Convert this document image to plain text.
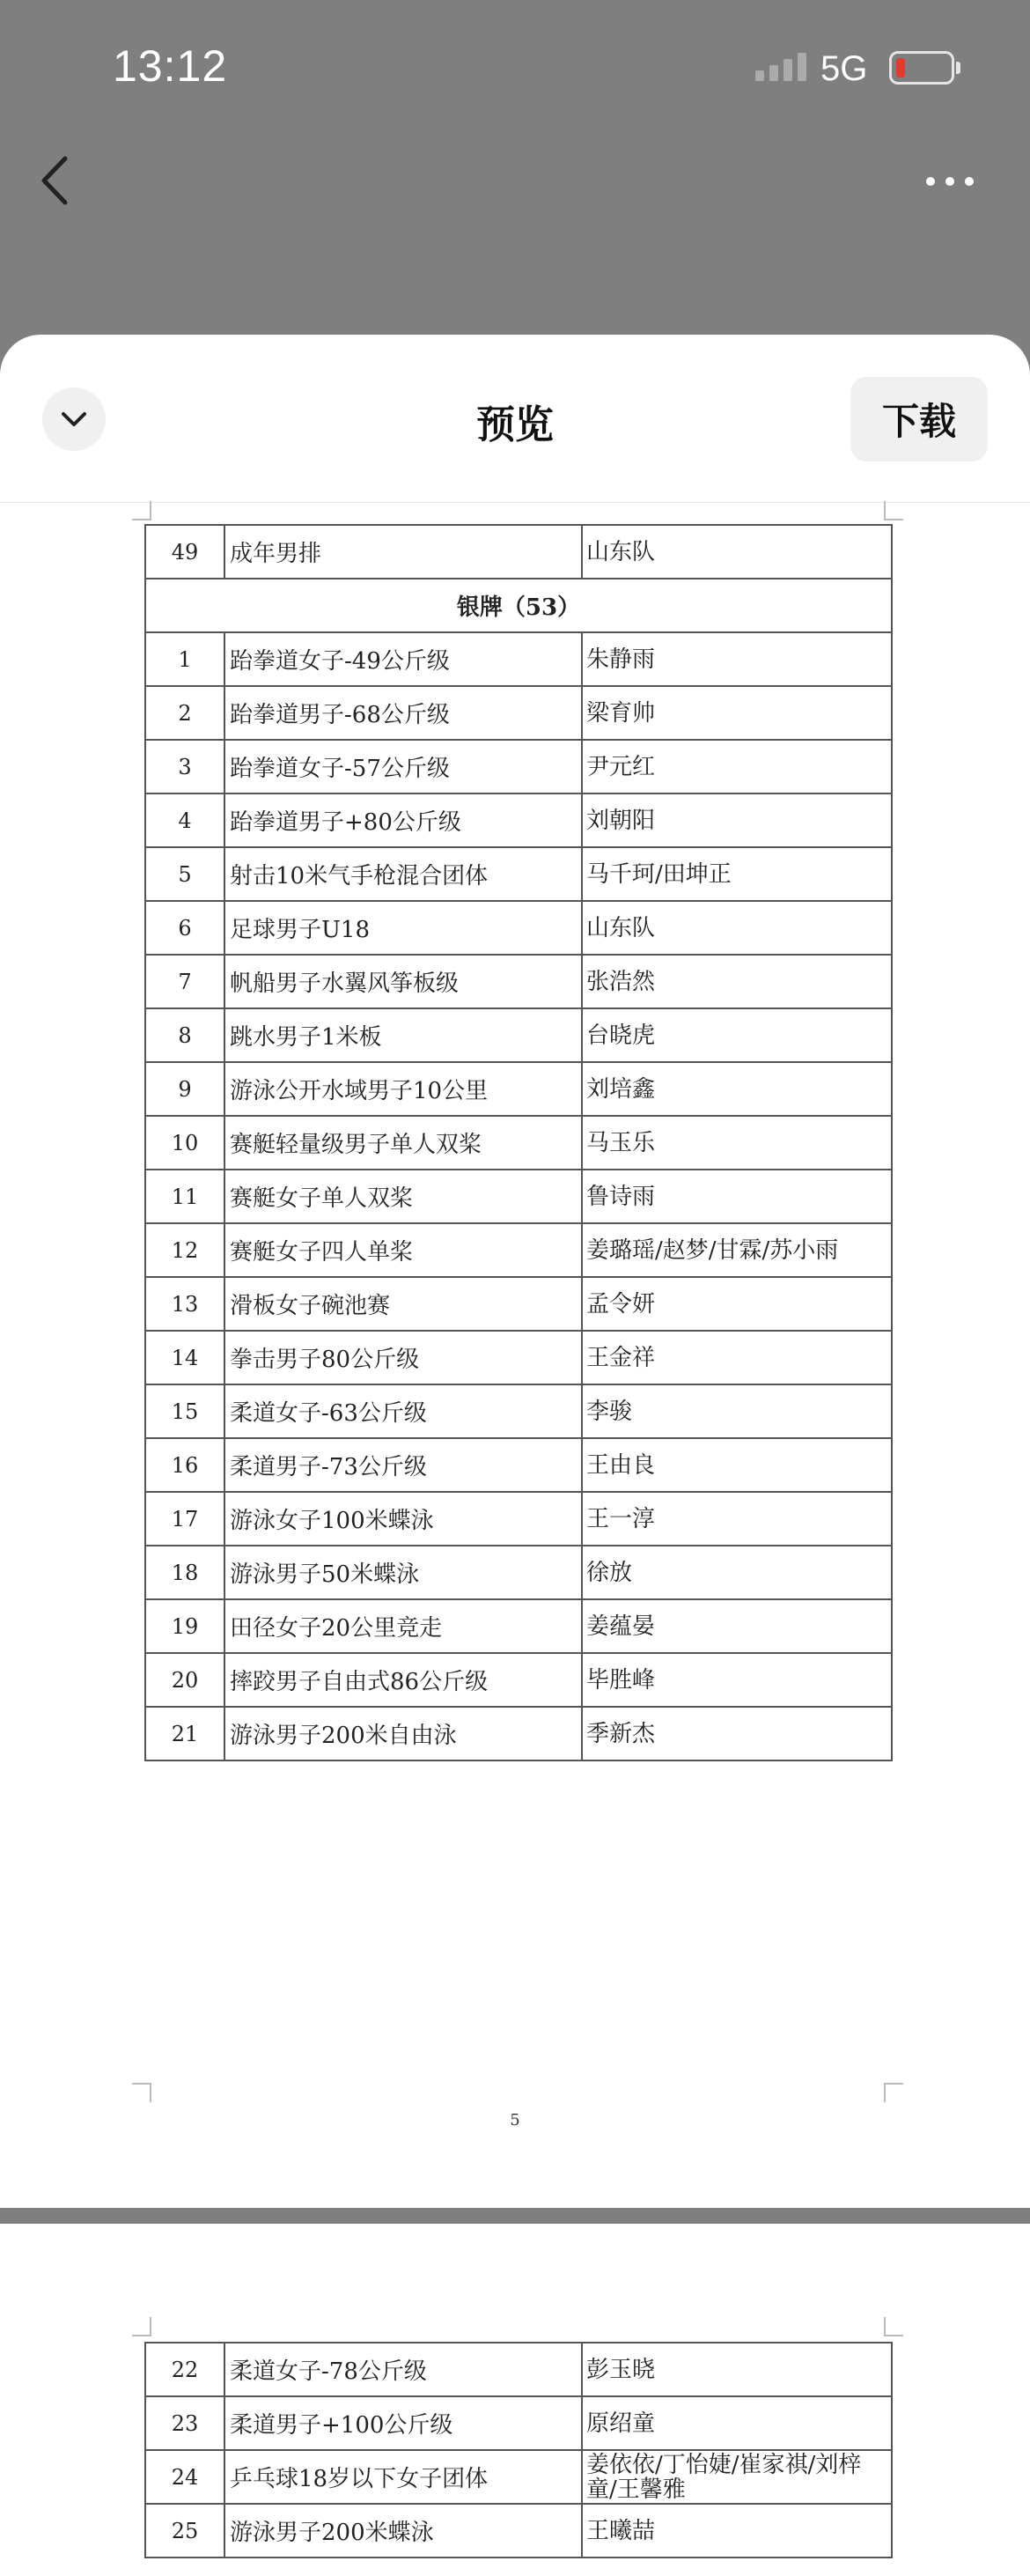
13:12	5G
预览	下载
49	成年男排	山东队
银牌（53）		
1	跆拳道女子-49公斤级	朱静雨
2	跆拳道男子-68公斤级	梁育帅
3	跆拳道女子-57公斤级	尹元红
4	跆拳道男子+80公斤级	刘朝阳
5	射击10米气手枪混合团体	马千珂/田坤正
6	足球男子U18	山东队
7	帆船男子水翼风筝板级	张浩然
8	跳水男子1米板	台晓虎
9	游泳公开水域男子10公里	刘培鑫
10	赛艇轻量级男子单人双桨	马玉乐
11	赛艇女子单人双桨	鲁诗雨
12	赛艇女子四人单桨	姜璐瑶/赵梦/甘霖/苏小雨
13	滑板女子碗池赛	孟令妍
14	拳击男子80公斤级	王金祥
15	柔道女子-63公斤级	李骏
16	柔道男子-73公斤级	王由良
17	游泳女子100米蝶泳	王一淳
18	游泳男子50米蝶泳	徐放
19	田径女子20公里竞走	姜蕴晏
20	摔跤男子自由式86公斤级	毕胜峰
21	游泳男子200米自由泳	季新杰
5
22	柔道女子-78公斤级	彭玉晓
23	柔道男子+100公斤级	原绍童
24	乒乓球18岁以下女子团体	姜依依/丁怡婕/崔家祺/刘梓童/王馨雅
25	游泳男子200米蝶泳	王曦喆
